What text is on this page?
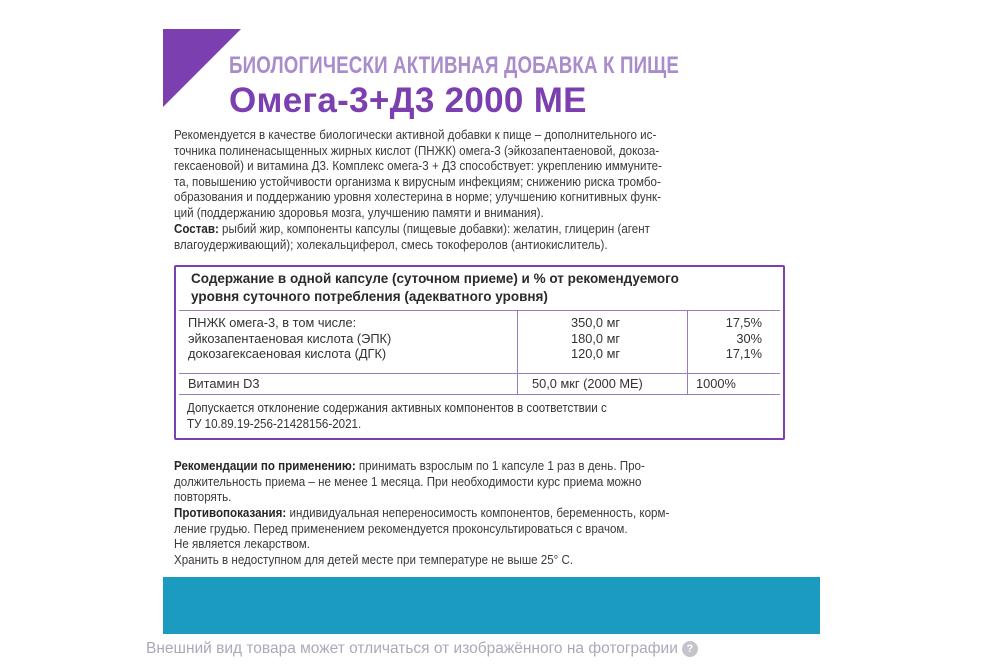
БИОЛОГИЧЕСКИ АКТИВНАЯ ДОБАВКА К ПИЩЕ
Омега-3+Д3 2000 МЕ
Рекомендуется в качестве биологически активной добавки к пище – дополнительного ис-
точника полиненасыщенных жирных кислот (ПНЖК) омега-3 (эйкозапентаеновой, докоза-
гексаеновой) и витамина Д3. Комплекс омега-3 + Д3 способствует: укреплению иммуните-
та, повышению устойчивости организма к вирусным инфекциям; снижению риска тромбо-
образования и поддержанию уровня холестерина в норме; улучшению когнитивных функ-
ций (поддержанию здоровья мозга, улучшению памяти и внимания).
Состав: рыбий жир, компоненты капсулы (пищевые добавки): желатин, глицерин (агент
влагоудерживающий); холекальциферол, смесь токоферолов (антиокислитель).
Содержание в одной капсуле (суточном приеме) и % от рекомендуемого
уровня суточного потребления (адекватного уровня)
ПНЖК омега-3, в том числе:
эйкозапентаеновая кислота (ЭПК)
докозагексаеновая кислота (ДГК)
350,0 мг
180,0 мг
120,0 мг
17,5%
30%
17,1%
Витамин D3	50,0 мкг (2000 МЕ)	1000%
Допускается отклонение содержания активных компонентов в соответствии с
ТУ 10.89.19-256-21428156-2021.
Рекомендации по применению: принимать взрослым по 1 капсуле 1 раз в день. Про-
должительность приема – не менее 1 месяца. При необходимости курс приема можно
повторять.
Противопоказания: индивидуальная непереносимость компонентов, беременность, корм-
ление грудью. Перед применением рекомендуется проконсультироваться с врачом.
Не является лекарством.
Хранить в недоступном для детей месте при температуре не выше 25° С.
Внешний вид товара может отличаться от изображённого на фотографии ?
